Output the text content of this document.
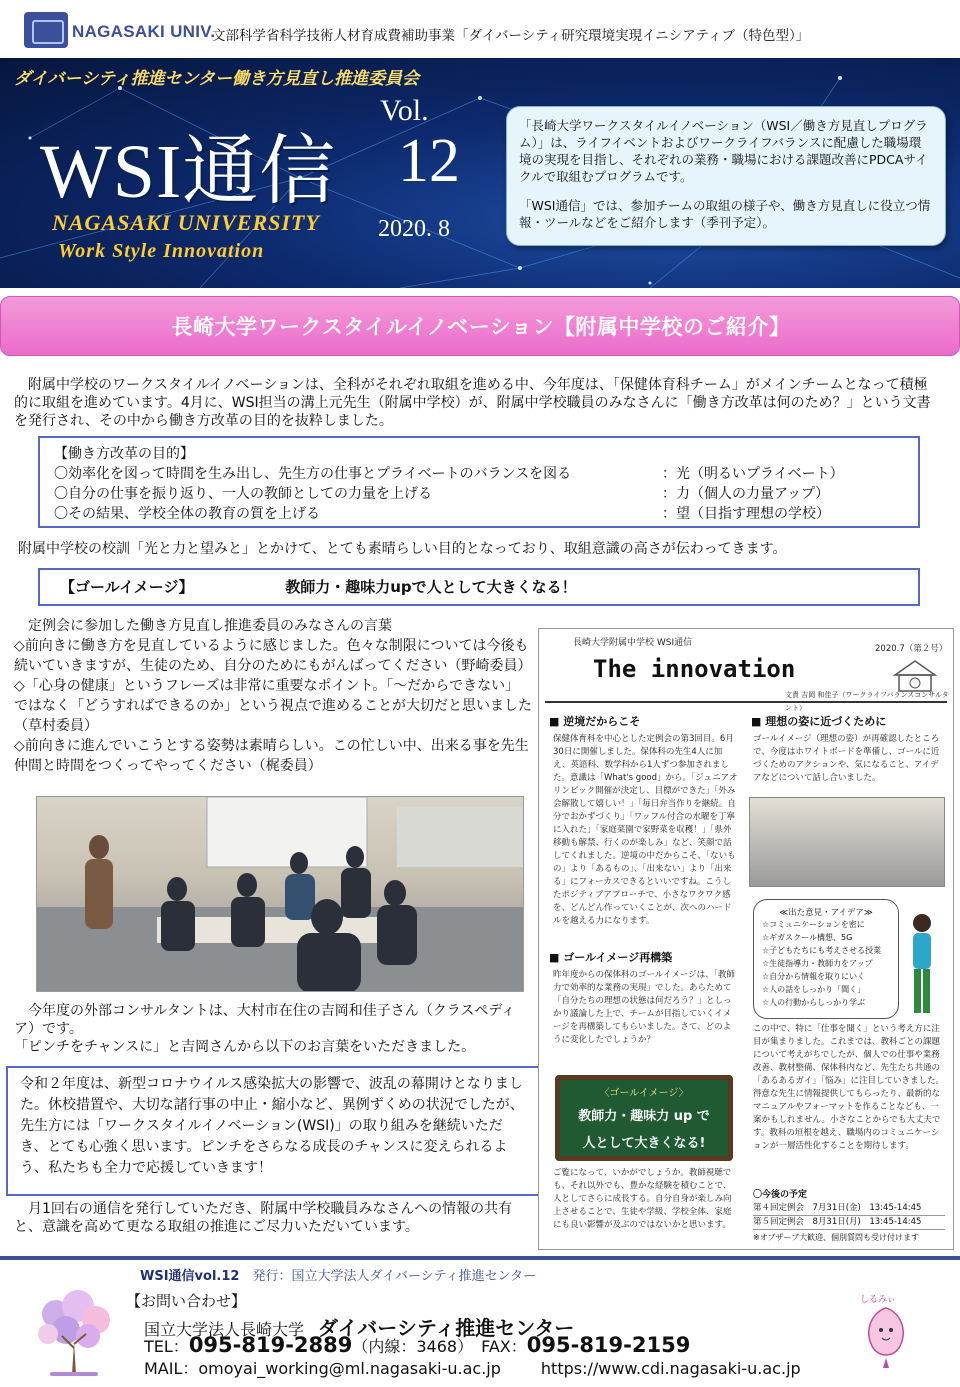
NAGASAKI UNIV.
文部科学省科学技術人材育成費補助事業「ダイバーシティ研究環境実現イニシアティブ（特色型）」
ダイバーシティ推進センター働き方見直し推進委員会
WSI通信
Vol.
12
2020. 8
NAGASAKI UNIVERSITY
Work Style Innovation

「長崎大学ワークスタイルイノベーション（WSI／働き方見直しプログラム）」は、ライフイベントおよびワークライフバランスに配慮した職場環境の実現を目指し、それぞれの業務・職場における課題改善にPDCAサイクルで取組むプログラムです。

「WSI通信」では、参加チームの取組の様子や、働き方見直しに役立つ情報・ツールなどをご紹介します（季刊予定）。

長崎大学ワークスタイルイノベーション【附属中学校のご紹介】

　附属中学校のワークスタイルイノベーションは、全科がそれぞれ取組を進める中、今年度は、「保健体育科チーム」がメインチームとなって積極的に取組を進めています。4月に、WSI担当の溝上元先生（附属中学校）が、附属中学校職員のみなさんに「働き方改革は何のため？」という文書を発行され、その中から働き方改革の目的を抜粋しました。

【働き方改革の目的】
〇効率化を図って時間を生み出し、先生方の仕事とプライベートのバランスを図る	：光（明るいプライベート）
〇自分の仕事を振り返り、一人の教師としての力量を上げる	：力（個人の力量アップ）
〇その結果、学校全体の教育の質を上げる	：望（目指す理想の学校）

附属中学校の校訓「光と力と望みと」とかけて、とても素晴らしい目的となっており、取組意識の高さが伝わってきます。

【ゴールイメージ】	教師力・趣味力upで人として大きくなる！

　定例会に参加した働き方見直し推進委員のみなさんの言葉

◇前向きに働き方を見直しているように感じました。色々な制限については今後も続いていきますが、生徒のため、自分のためにもがんばってください（野崎委員）

◇「心身の健康」というフレーズは非常に重要なポイント。「～だからできない」ではなく「どうすればできるのか」という視点で進めることが大切だと思いました（草村委員）

◇前向きに進んでいこうとする姿勢は素晴らしい。この忙しい中、出来る事を先生仲間と時間をつくってやってください（梶委員）

　今年度の外部コンサルタントは、大村市在住の吉岡和佳子さん（クラスペディア）です。

「ピンチをチャンスに」と吉岡さんから以下のお言葉をいただきました。

令和２年度は、新型コロナウイルス感染拡大の影響で、波乱の幕開けとなりました。休校措置や、大切な諸行事の中止・縮小など、異例ずくめの状況でしたが、先生方には「ワークスタイルイノベーション(WSI)」の取り組みを継続いただき、とても心強く思います。ピンチをさらなる成長のチャンスに変えられるよう、私たちも全力で応援していきます！

　月1回右の通信を発行していただき、附属中学校職員みなさんへの情報の共有と、意識を高めて更なる取組の推進にご尽力いただいています。

長崎大学附属中学校 WSI通信
2020.7（第２号）
The innovation
文責 吉岡 和佳子（ワークライフバランスコンサルタント）
■ 逆境だからこそ	■ 理想の姿に近づくために

保健体育科を中心とした定例会の第3回目。6月30日に開催しました。保体科の先生4人に加え、英語科、数学科から1人ずつ参加されました。意識は「What's good」から。「ジュニアオリンピック開催が決定し、目標ができた」「外み会解散して嬉しい！」「毎日弁当作りを継続。自分でおかずづくり」「ワッフル付合の水曜を丁寧に入れた」「家庭菜園で家野菜を収穫！」「県外移動も解禁、行くのが楽しみ」など、笑顔で話してくれました。逆境の中だからこそ、「ないもの」より「あるもの」、「出来ない」より「出来る」にフォーカスできるといいですね。こうしたポジティブアプローチで、小さなワクワク感を、どんどん作っていくことが、次へのハードルを越える力になります。

ゴールイメージ（理想の姿）が再確認したところで、今度はホワイトボードを準備し、ゴールに近づくためのアクションや、気になること、アイデアなどについて話し合いました。

≪出た意見・アイデア≫
☆コミュニケーションを密に
☆ギガスクール構想、5G
☆子どもたちにも考えさせる授業
☆生徒指導力・教師力をアップ
☆自分から情報を取りにいく
☆人の話をしっかり「聞く」
☆人の行動からしっかり学ぶ
■ ゴールイメージ再構築

昨年度からの保体科のゴールイメージは、「教師力で効率的な業務の実現」でした。あらためて「自分たちの理想の状態は何だろう？」としっかり議論した上で、チームが目指していくイメージを再構築してもらいました。さて、どのように変化したでしょうか？

この中で、特に「仕事を聞く」という考え方に注目が集まりました。これまでは、教科ごとの課題について考えがちでしたが、個人での仕事や業務改善、教材整備、保体科内など、先生たち共通の「あるあるガイ」「悩み」に注目していきました。得意な先生に情報提供してもらったり、最新的なマニュアルやフォーマットを作ることなども、一案かもしれません。小さなことからでも大丈夫です。教科の垣根を越え、職場内のコミュニケーションが一層活性化することを期待します。

〈ゴールイメージ〉
教師力・趣味力 up で
人として大きくなる!

ご覧になって、いかがでしょうか。教師視聴でも、それ以外でも、豊かな経験を積むことで、人としてさらに成長する。自分自身が楽しみ向上させることで、生徒や学級、学校全体、家庭にも良い影響が及ぶのではないかと思います。

〇今後の予定
第４回定例会　7月31日(金)　13:45-14:45
第５回定例会　8月31日(月)　13:45-14:45
※オブザーブ大歓迎、個別質問も受け付けます
WSI通信vol.12　発行：国立大学法人ダイバーシティ推進センター
【お問い合わせ】
国立大学法人長崎大学 ダイバーシティ推進センター
TEL：095-819-2889（内線：3468）　FAX：095-819-2159
MAIL：omoyai_working@ml.nagasaki-u.ac.jp	https://www.cdi.nagasaki-u.ac.jp
しるみぃ
